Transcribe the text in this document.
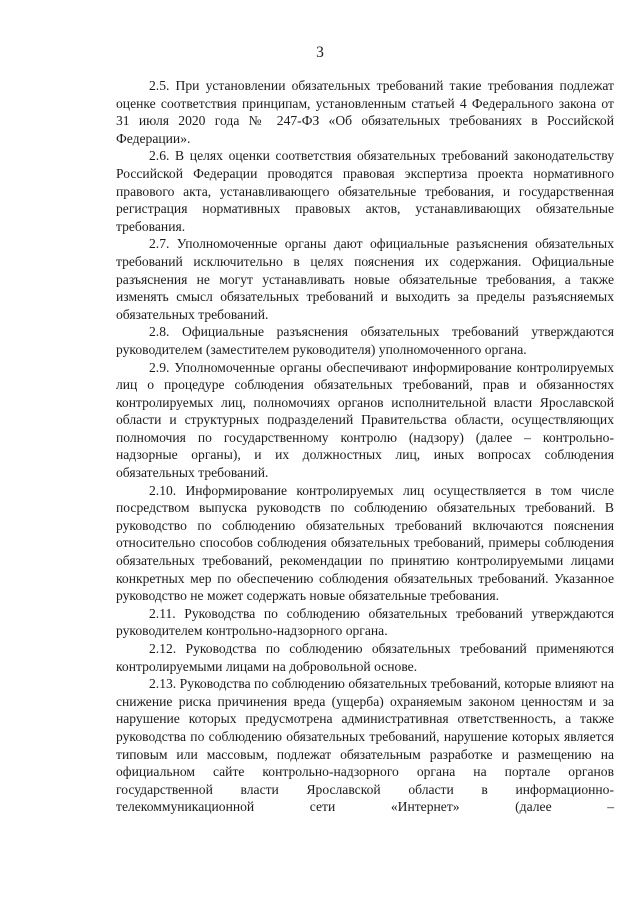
3

2.5. При установлении обязательных требований такие требования подлежат оценке соответствия принципам, установленным статьей 4 Федерального закона от 31 июля 2020 года № 247-ФЗ «Об обязательных требованиях в Российской Федерации».

2.6. В целях оценки соответствия обязательных требований законодательству Российской Федерации проводятся правовая экспертиза проекта нормативного правового акта, устанавливающего обязательные требования, и государственная регистрация нормативных правовых актов, устанавливающих обязательные требования.

2.7. Уполномоченные органы дают официальные разъяснения обязательных требований исключительно в целях пояснения их содержания. Официальные разъяснения не могут устанавливать новые обязательные требования, а также изменять смысл обязательных требований и выходить за пределы разъясняемых обязательных требований.

2.8. Официальные разъяснения обязательных требований утверждаются руководителем (заместителем руководителя) уполномоченного органа.

2.9. Уполномоченные органы обеспечивают информирование контролируемых лиц о процедуре соблюдения обязательных требований, прав и обязанностях контролируемых лиц, полномочиях органов исполнительной власти Ярославской области и структурных подразделений Правительства области, осуществляющих полномочия по государственному контролю (надзору) (далее – контрольно-надзорные органы), и их должностных лиц, иных вопросах соблюдения обязательных требований.

2.10. Информирование контролируемых лиц осуществляется в том числе посредством выпуска руководств по соблюдению обязательных требований. В руководство по соблюдению обязательных требований включаются пояснения относительно способов соблюдения обязательных требований, примеры соблюдения обязательных требований, рекомендации по принятию контролируемыми лицами конкретных мер по обеспечению соблюдения обязательных требований. Указанное руководство не может содержать новые обязательные требования.

2.11. Руководства по соблюдению обязательных требований утверждаются руководителем контрольно-надзорного органа.

2.12. Руководства по соблюдению обязательных требований применяются контролируемыми лицами на добровольной основе.

2.13. Руководства по соблюдению обязательных требований, которые влияют на снижение риска причинения вреда (ущерба) охраняемым законом ценностям и за нарушение которых предусмотрена административная ответственность, а также руководства по соблюдению обязательных требований, нарушение которых является типовым или массовым, подлежат обязательным разработке и размещению на официальном сайте контрольно-надзорного органа на портале органов государственной власти Ярославской области в информационно-телекоммуникационной сети «Интернет» (далее –
